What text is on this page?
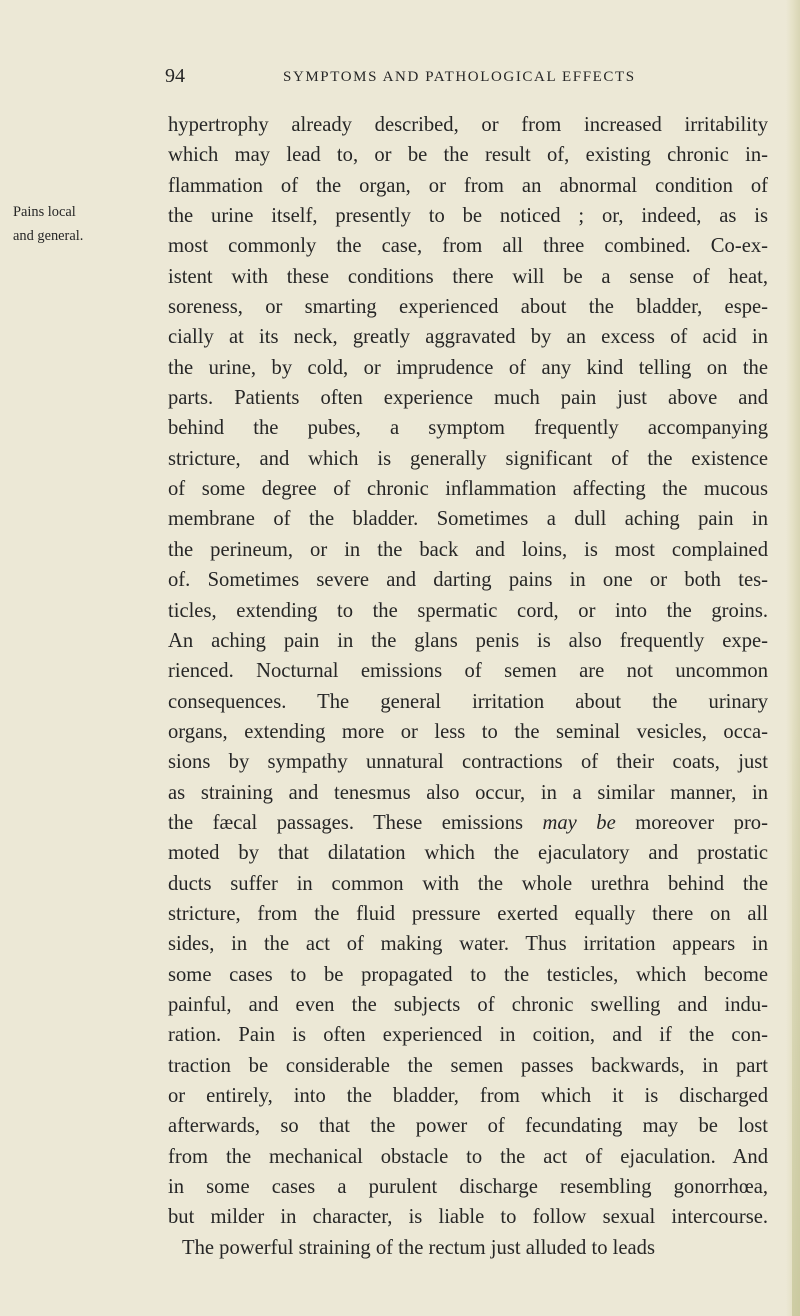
94	SYMPTOMS AND PATHOLOGICAL EFFECTS
Pains local
and general.
hypertrophy already described, or from increased irritability
which may lead to, or be the result of, existing chronic in-
flammation of the organ, or from an abnormal condition of
the urine itself, presently to be noticed ; or, indeed, as is
most commonly the case, from all three combined. Co-ex-
istent with these conditions there will be a sense of heat,
soreness, or smarting experienced about the bladder, espe-
cially at its neck, greatly aggravated by an excess of acid in
the urine, by cold, or imprudence of any kind telling on the
parts. Patients often experience much pain just above and
behind the pubes, a symptom frequently accompanying
stricture, and which is generally significant of the existence
of some degree of chronic inflammation affecting the mucous
membrane of the bladder. Sometimes a dull aching pain in
the perineum, or in the back and loins, is most complained
of. Sometimes severe and darting pains in one or both tes-
ticles, extending to the spermatic cord, or into the groins.
An aching pain in the glans penis is also frequently expe-
rienced. Nocturnal emissions of semen are not uncommon
consequences. The general irritation about the urinary
organs, extending more or less to the seminal vesicles, occa-
sions by sympathy unnatural contractions of their coats, just
as straining and tenesmus also occur, in a similar manner, in
the fæcal passages. These emissions may be moreover pro-
moted by that dilatation which the ejaculatory and prostatic
ducts suffer in common with the whole urethra behind the
stricture, from the fluid pressure exerted equally there on all
sides, in the act of making water. Thus irritation appears in
some cases to be propagated to the testicles, which become
painful, and even the subjects of chronic swelling and indu-
ration. Pain is often experienced in coition, and if the con-
traction be considerable the semen passes backwards, in part
or entirely, into the bladder, from which it is discharged
afterwards, so that the power of fecundating may be lost
from the mechanical obstacle to the act of ejaculation. And
in some cases a purulent discharge resembling gonorrhœa,
but milder in character, is liable to follow sexual intercourse.
The powerful straining of the rectum just alluded to leads
